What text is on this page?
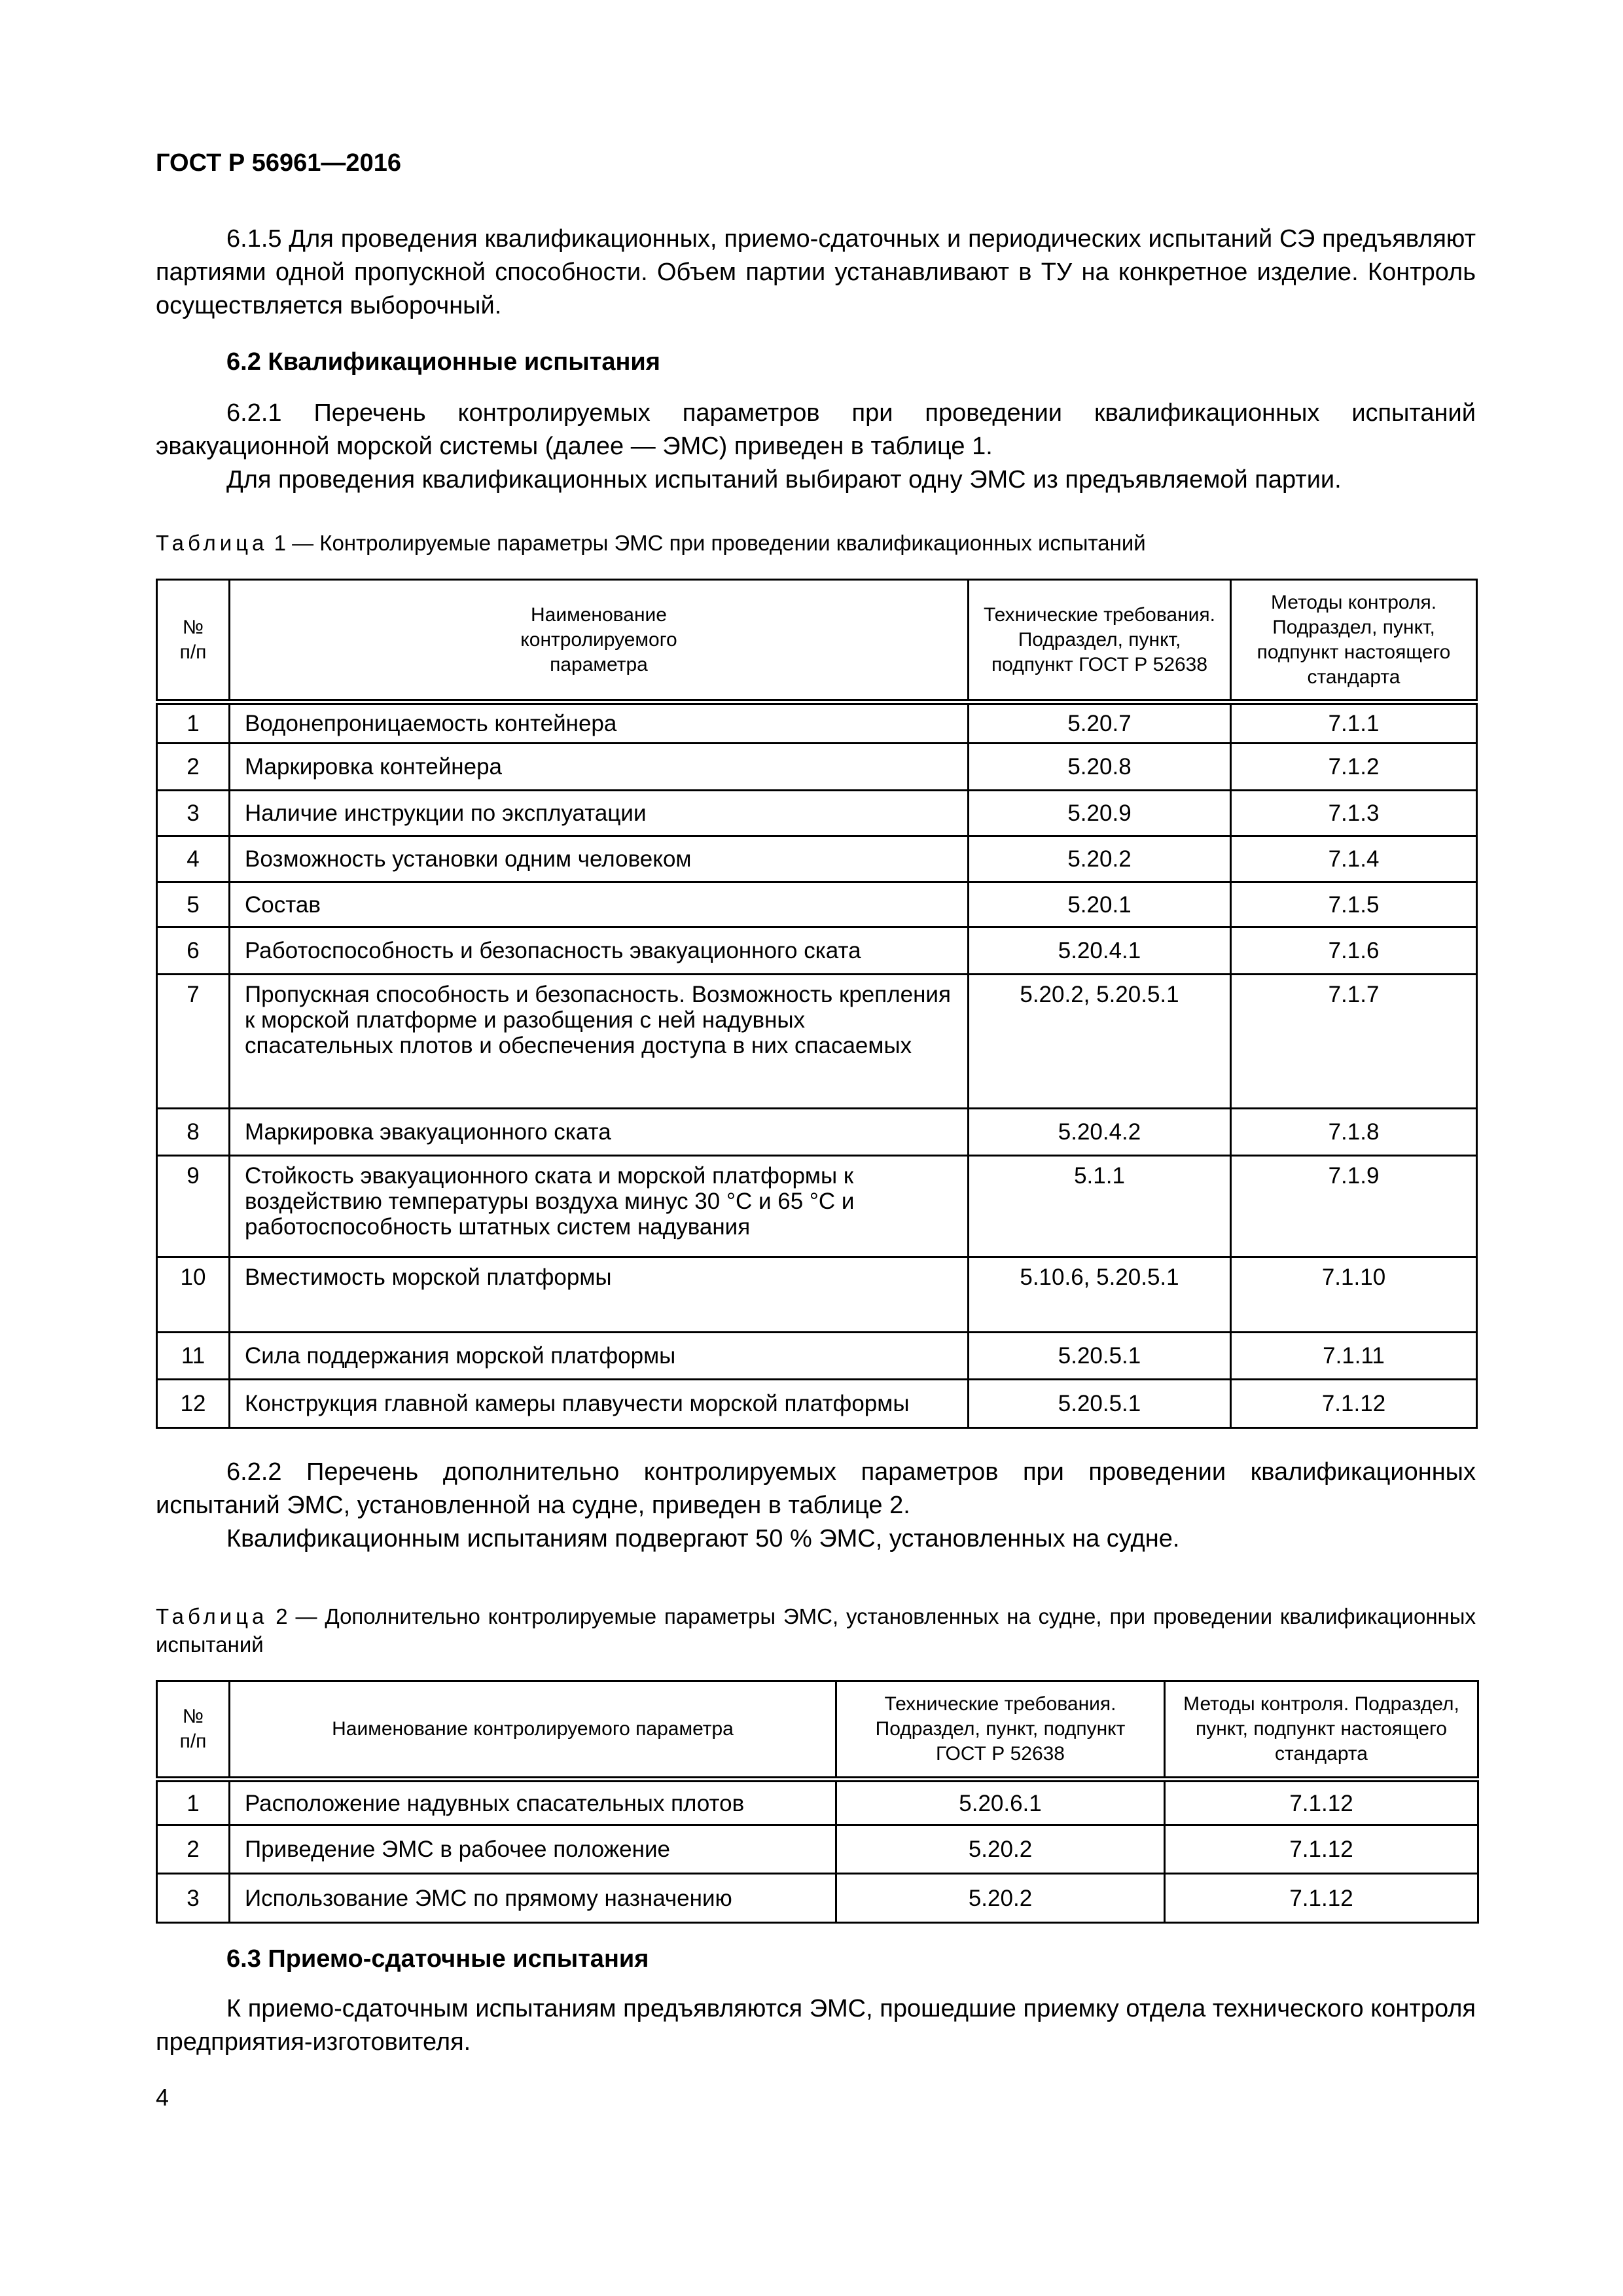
ГОСТ Р 56961—2016
6.1.5 Для проведения квалификационных, приемо-сдаточных и периодических испытаний СЭ предъявляют партиями одной пропускной способности. Объем партии устанавливают в ТУ на конкретное изделие. Контроль осуществляется выборочный.
6.2 Квалификационные испытания
6.2.1 Перечень контролируемых параметров при проведении квалификационных испытаний эвакуационной морской системы (далее — ЭМС) приведен в таблице 1.
Для проведения квалификационных испытаний выбирают одну ЭМС из предъявляемой партии.
Таблица 1 — Контролируемые параметры ЭМС при проведении квалификационных испытаний
№ п/п	Наименование контролируемого параметра	Технические требования. Подраздел, пункт, подпункт ГОСТ Р 52638	Методы контроля. Подраздел, пункт, подпункт настоящего стандарта
1	Водонепроницаемость контейнера	5.20.7	7.1.1
2	Маркировка контейнера	5.20.8	7.1.2
3	Наличие инструкции по эксплуатации	5.20.9	7.1.3
4	Возможность установки одним человеком	5.20.2	7.1.4
5	Состав	5.20.1	7.1.5
6	Работоспособность и безопасность эвакуационного ската	5.20.4.1	7.1.6
7	Пропускная способность и безопасность. Возможность крепления к морской платформе и разобщения с ней надувных спасательных плотов и обеспечения доступа в них спасаемых	5.20.2, 5.20.5.1	7.1.7
8	Маркировка эвакуационного ската	5.20.4.2	7.1.8
9	Стойкость эвакуационного ската и морской платформы к воздействию температуры воздуха минус 30 °С и 65 °С и работоспособность штатных систем надувания	5.1.1	7.1.9
10	Вместимость морской платформы	5.10.6, 5.20.5.1	7.1.10
11	Сила поддержания морской платформы	5.20.5.1	7.1.11
12	Конструкция главной камеры плавучести морской платформы	5.20.5.1	7.1.12
6.2.2 Перечень дополнительно контролируемых параметров при проведении квалификационных испытаний ЭМС, установленной на судне, приведен в таблице 2.
Квалификационным испытаниям подвергают 50 % ЭМС, установленных на судне.
Таблица 2 — Дополнительно контролируемые параметры ЭМС, установленных на судне, при проведении квалификационных испытаний
№ п/п	Наименование контролируемого параметра	Технические требования. Подраздел, пункт, подпункт ГОСТ Р 52638	Методы контроля. Подраздел, пункт, подпункт настоящего стандарта
1	Расположение надувных спасательных плотов	5.20.6.1	7.1.12
2	Приведение ЭМС в рабочее положение	5.20.2	7.1.12
3	Использование ЭМС по прямому назначению	5.20.2	7.1.12
6.3 Приемо-сдаточные испытания
К приемо-сдаточным испытаниям предъявляются ЭМС, прошедшие приемку отдела технического контроля предприятия-изготовителя.
4
